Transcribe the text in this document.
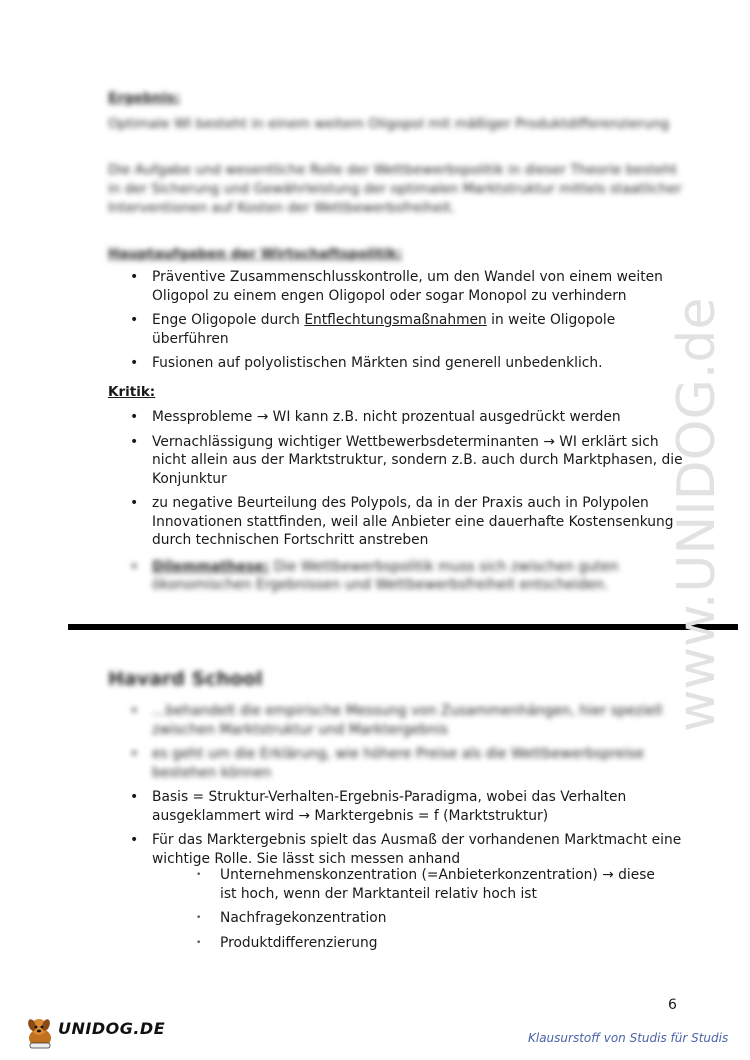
Ergebnis:
Optimale WI besteht in einem weitem Oligopol mit mäßiger Produktdifferenzierung
Die Aufgabe und wesentliche Rolle der Wettbewerbspolitik in dieser Theorie besteht in der Sicherung und Gewährleistung der optimalen Marktstruktur mittels staatlicher Interventionen auf Kosten der Wettbewerbsfreiheit.
Hauptaufgaben der Wirtschaftspolitik:
• Präventive Zusammenschlusskontrolle, um den Wandel von einem weiten Oligopol zu einem engen Oligopol oder sogar Monopol zu verhindern
• Enge Oligopole durch Entflechtungsmaßnahmen in weite Oligopole überführen
• Fusionen auf polyolistischen Märkten sind generell unbedenklich.
Kritik:
• Messprobleme → WI kann z.B. nicht prozentual ausgedrückt werden
• Vernachlässigung wichtiger Wettbewerbsdeterminanten → WI erklärt sich nicht allein aus der Marktstruktur, sondern z.B. auch durch Marktphasen, die Konjunktur
• zu negative Beurteilung des Polypols, da in der Praxis auch in Polypolen Innovationen stattfinden, weil alle Anbieter eine dauerhafte Kostensenkung durch technischen Fortschritt anstreben
• Dilemmathese: Die Wettbewerbspolitik muss sich zwischen guten ökonomischen Ergebnissen und Wettbewerbsfreiheit entscheiden.
Havard School
• …behandelt die empirische Messung von Zusammenhängen, hier speziell zwischen Marktstruktur und Marktergebnis
• es geht um die Erklärung, wie höhere Preise als die Wettbewerbspreise bestehen können
• Basis = Struktur-Verhalten-Ergebnis-Paradigma, wobei das Verhalten ausgeklammert wird → Marktergebnis = f (Marktstruktur)
• Für das Marktergebnis spielt das Ausmaß der vorhandenen Marktmacht eine wichtige Rolle. Sie lässt sich messen anhand
• Unternehmenskonzentration (=Anbieterkonzentration) → diese ist hoch, wenn der Marktanteil relativ hoch ist
• Nachfragekonzentration
• Produktdifferenzierung
www.UNIDOG.de
6
UNIDOG.DE	Klausurstoff von Studis für Studis
